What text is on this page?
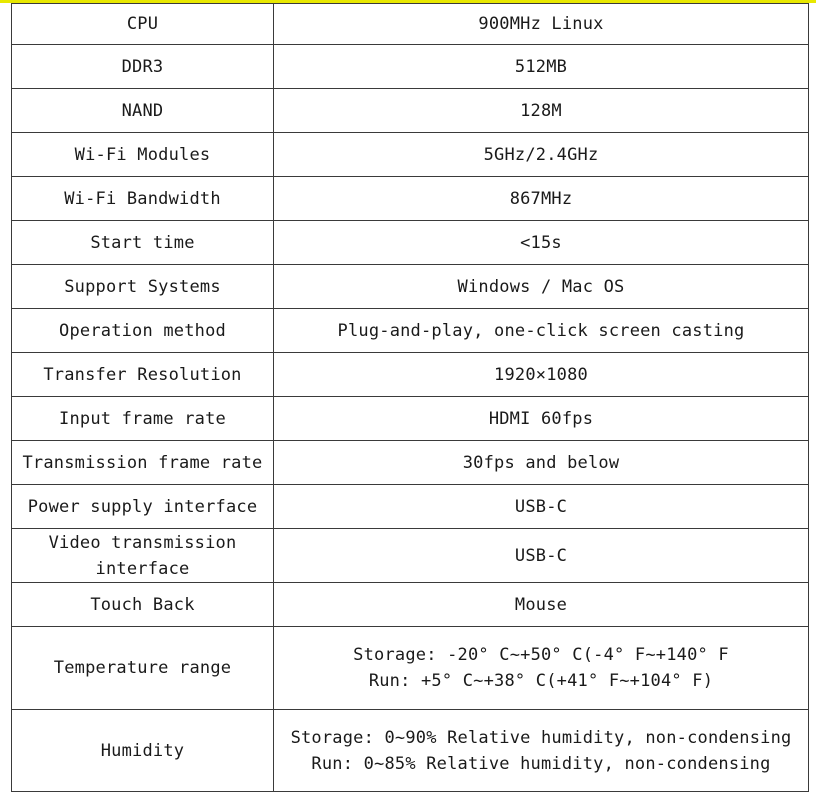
CPU	900MHz Linux
DDR3	512MB
NAND	128M
Wi-Fi Modules	5GHz/2.4GHz
Wi-Fi Bandwidth	867MHz
Start time	<15s
Support Systems	Windows / Mac OS
Operation method	Plug-and-play, one-click screen casting
Transfer Resolution	1920×1080
Input frame rate	HDMI 60fps
Transmission frame rate	30fps and below
Power supply interface	USB-C

Video transmission interface	USB-C
Touch Back	Mouse
Temperature range	Storage: -20° C~+50° C(-4° F~+140° F
Run: +5° C~+38° C(+41° F~+104° F)

Humidity	Storage: 0~90% Relative humidity, non-condensing
Run: 0~85% Relative humidity, non-condensing
